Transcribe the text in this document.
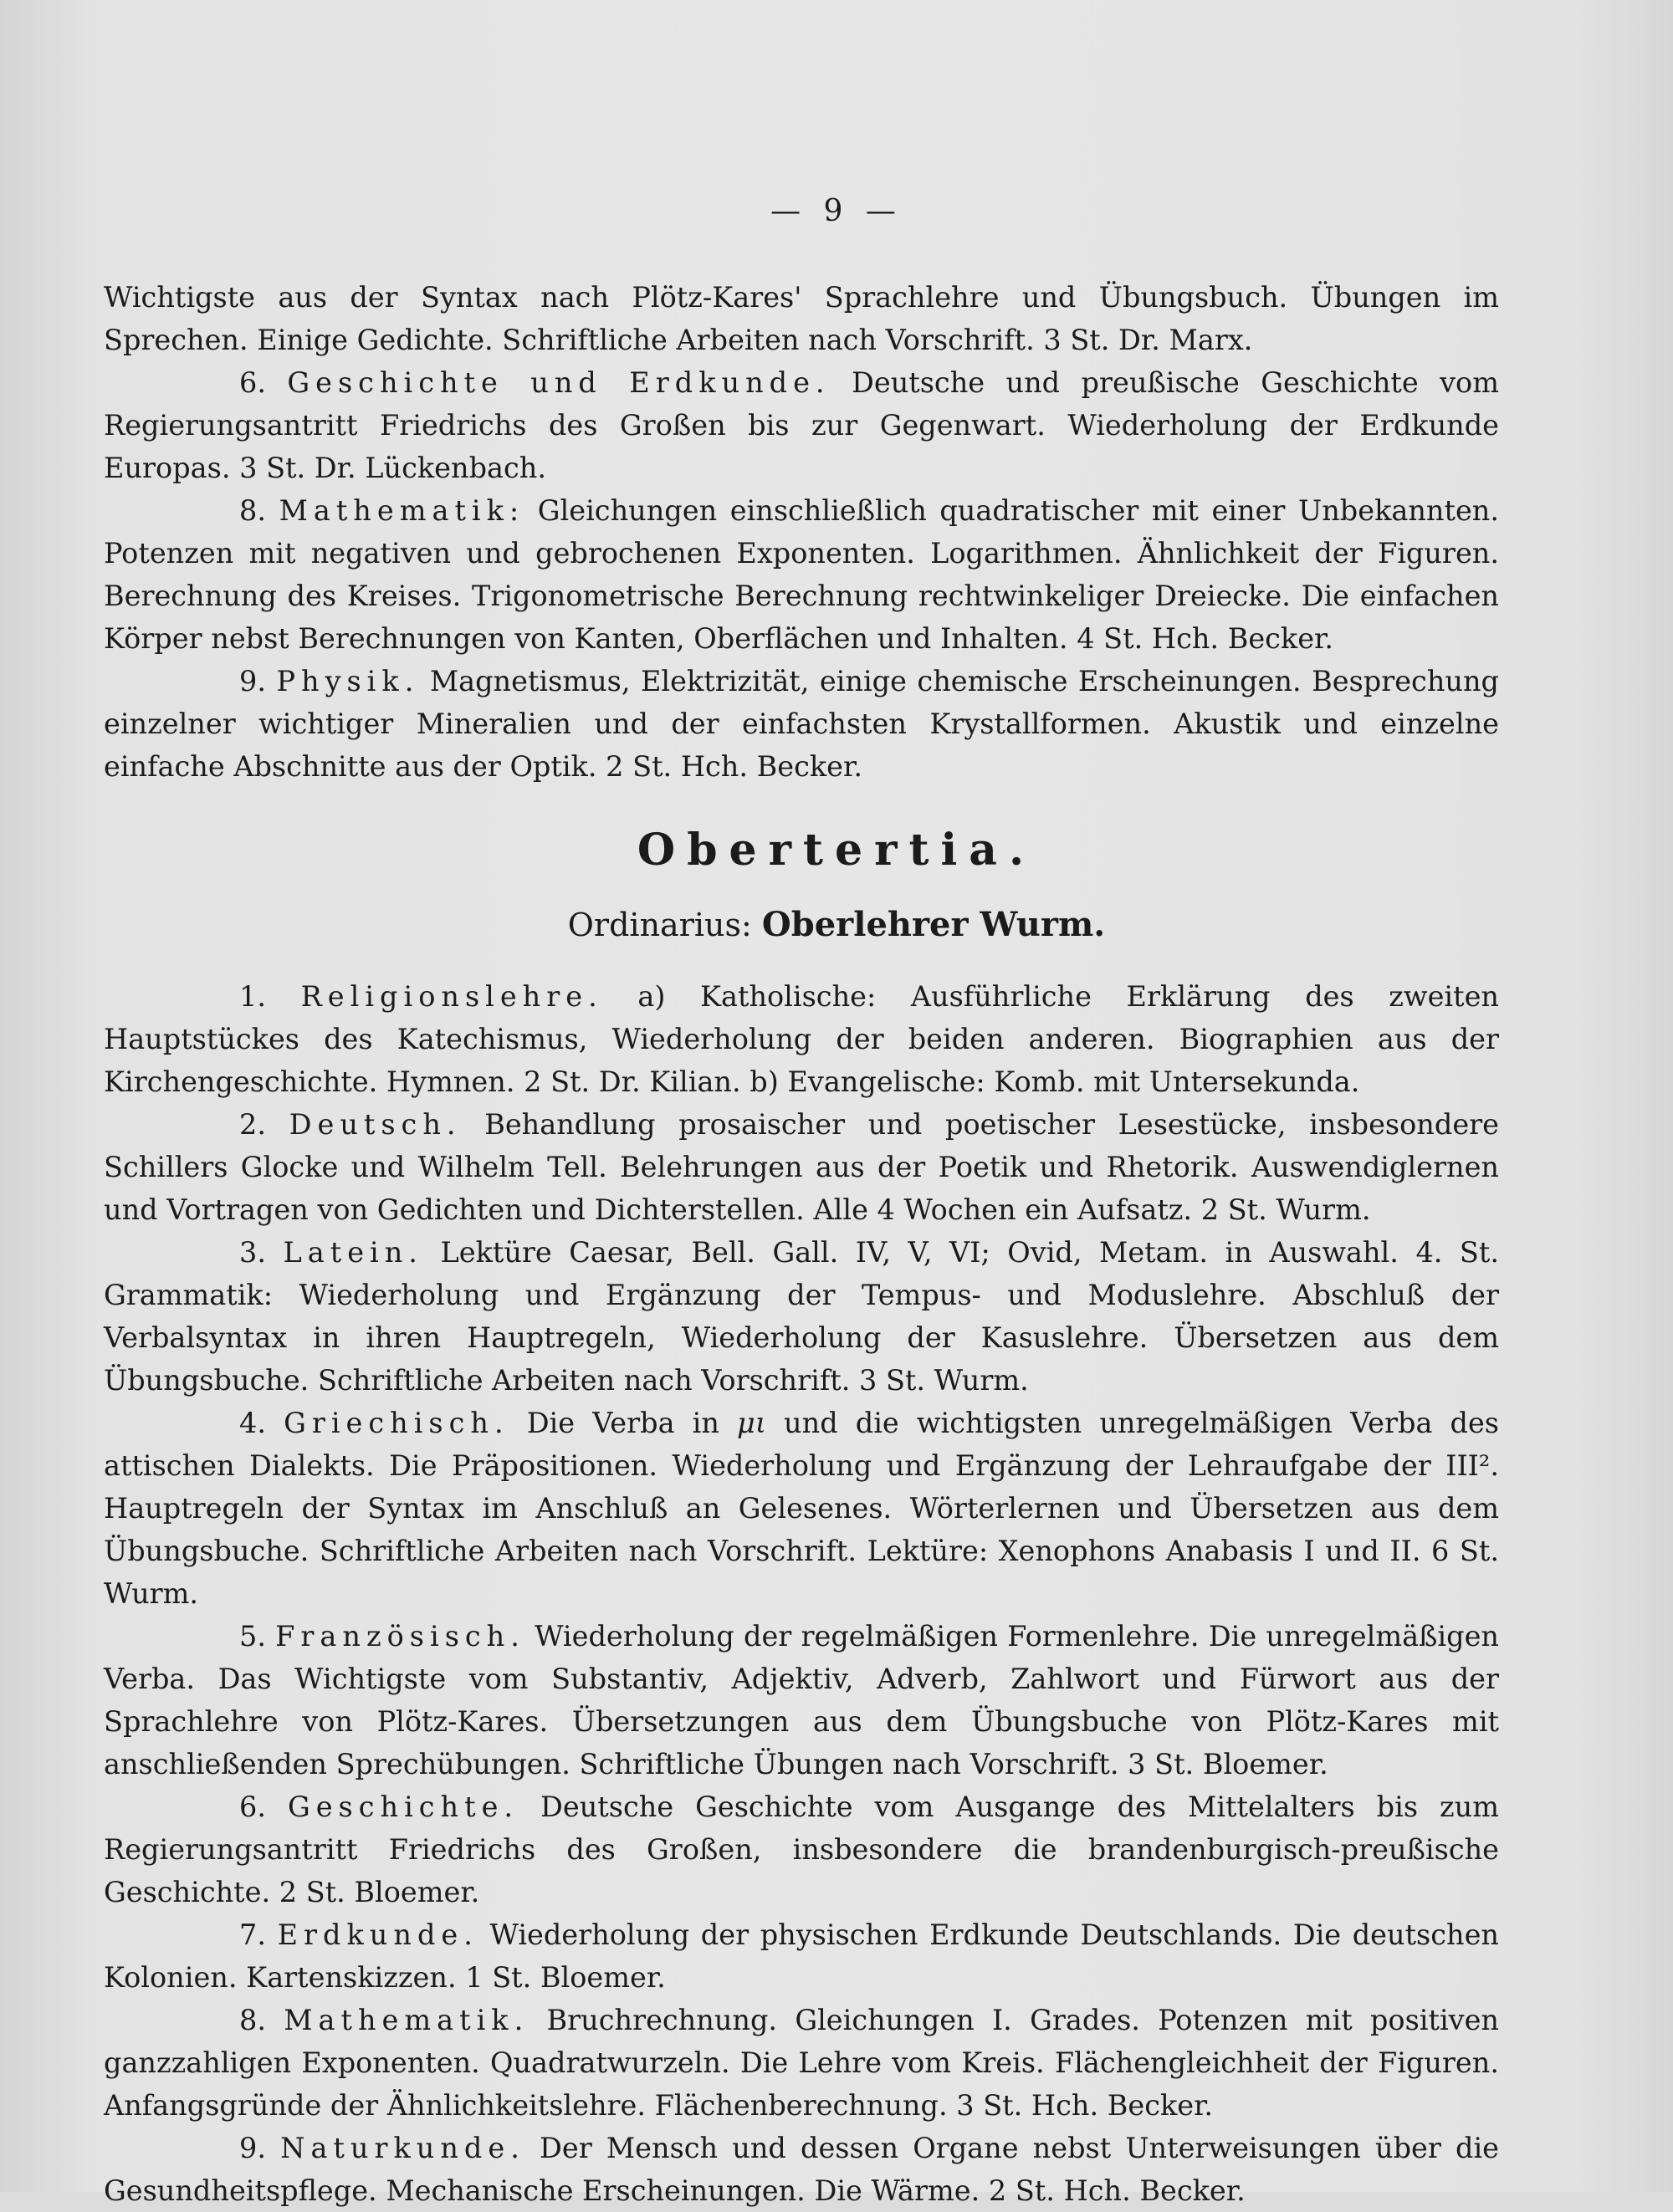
— 9 —

Wichtigste aus der Syntax nach Plötz-Kares' Sprachlehre und Übungsbuch. Übungen im Sprechen. Einige Gedichte. Schriftliche Arbeiten nach Vorschrift. 3 St. Dr. Marx.

6. Geschichte und Erdkunde. Deutsche und preußische Geschichte vom Regierungsantritt Friedrichs des Großen bis zur Gegenwart. Wiederholung der Erdkunde Europas. 3 St. Dr. Lückenbach.

8. Mathematik: Gleichungen einschließlich quadratischer mit einer Unbekannten. Potenzen mit negativen und gebrochenen Exponenten. Logarithmen. Ähnlichkeit der Figuren. Berechnung des Kreises. Trigonometrische Berechnung rechtwinkeliger Dreiecke. Die einfachen Körper nebst Berechnungen von Kanten, Oberflächen und Inhalten. 4 St. Hch. Becker.

9. Physik. Magnetismus, Elektrizität, einige chemische Erscheinungen. Besprechung einzelner wichtiger Mineralien und der einfachsten Krystallformen. Akustik und einzelne einfache Abschnitte aus der Optik. 2 St. Hch. Becker.

Obertertia.
Ordinarius: Oberlehrer Wurm.

1. Religionslehre. a) Katholische: Ausführliche Erklärung des zweiten Hauptstückes des Katechismus, Wiederholung der beiden anderen. Biographien aus der Kirchengeschichte. Hymnen. 2 St. Dr. Kilian. b) Evangelische: Komb. mit Untersekunda.

2. Deutsch. Behandlung prosaischer und poetischer Lesestücke, insbesondere Schillers Glocke und Wilhelm Tell. Belehrungen aus der Poetik und Rhetorik. Auswendiglernen und Vortragen von Gedichten und Dichterstellen. Alle 4 Wochen ein Aufsatz. 2 St. Wurm.

3. Latein. Lektüre Caesar, Bell. Gall. IV, V, VI; Ovid, Metam. in Auswahl. 4. St. Grammatik: Wiederholung und Ergänzung der Tempus- und Moduslehre. Abschluß der Verbalsyntax in ihren Hauptregeln, Wiederholung der Kasuslehre. Übersetzen aus dem Übungsbuche. Schriftliche Arbeiten nach Vorschrift. 3 St. Wurm.

4. Griechisch. Die Verba in μι und die wichtigsten unregelmäßigen Verba des attischen Dialekts. Die Präpositionen. Wiederholung und Ergänzung der Lehraufgabe der III². Hauptregeln der Syntax im Anschluß an Gelesenes. Wörterlernen und Übersetzen aus dem Übungsbuche. Schriftliche Arbeiten nach Vorschrift. Lektüre: Xenophons Anabasis I und II. 6 St. Wurm.

5. Französisch. Wiederholung der regelmäßigen Formenlehre. Die unregelmäßigen Verba. Das Wichtigste vom Substantiv, Adjektiv, Adverb, Zahlwort und Fürwort aus der Sprachlehre von Plötz-Kares. Übersetzungen aus dem Übungsbuche von Plötz-Kares mit anschließenden Sprechübungen. Schriftliche Übungen nach Vorschrift. 3 St. Bloemer.

6. Geschichte. Deutsche Geschichte vom Ausgange des Mittelalters bis zum Regierungsantritt Friedrichs des Großen, insbesondere die brandenburgisch-preußische Geschichte. 2 St. Bloemer.

7. Erdkunde. Wiederholung der physischen Erdkunde Deutschlands. Die deutschen Kolonien. Kartenskizzen. 1 St. Bloemer.

8. Mathematik. Bruchrechnung. Gleichungen I. Grades. Potenzen mit positiven ganzzahligen Exponenten. Quadratwurzeln. Die Lehre vom Kreis. Flächengleichheit der Figuren. Anfangsgründe der Ähnlichkeitslehre. Flächenberechnung. 3 St. Hch. Becker.

9. Naturkunde. Der Mensch und dessen Organe nebst Unterweisungen über die Gesundheitspflege. Mechanische Erscheinungen. Die Wärme. 2 St. Hch. Becker.
